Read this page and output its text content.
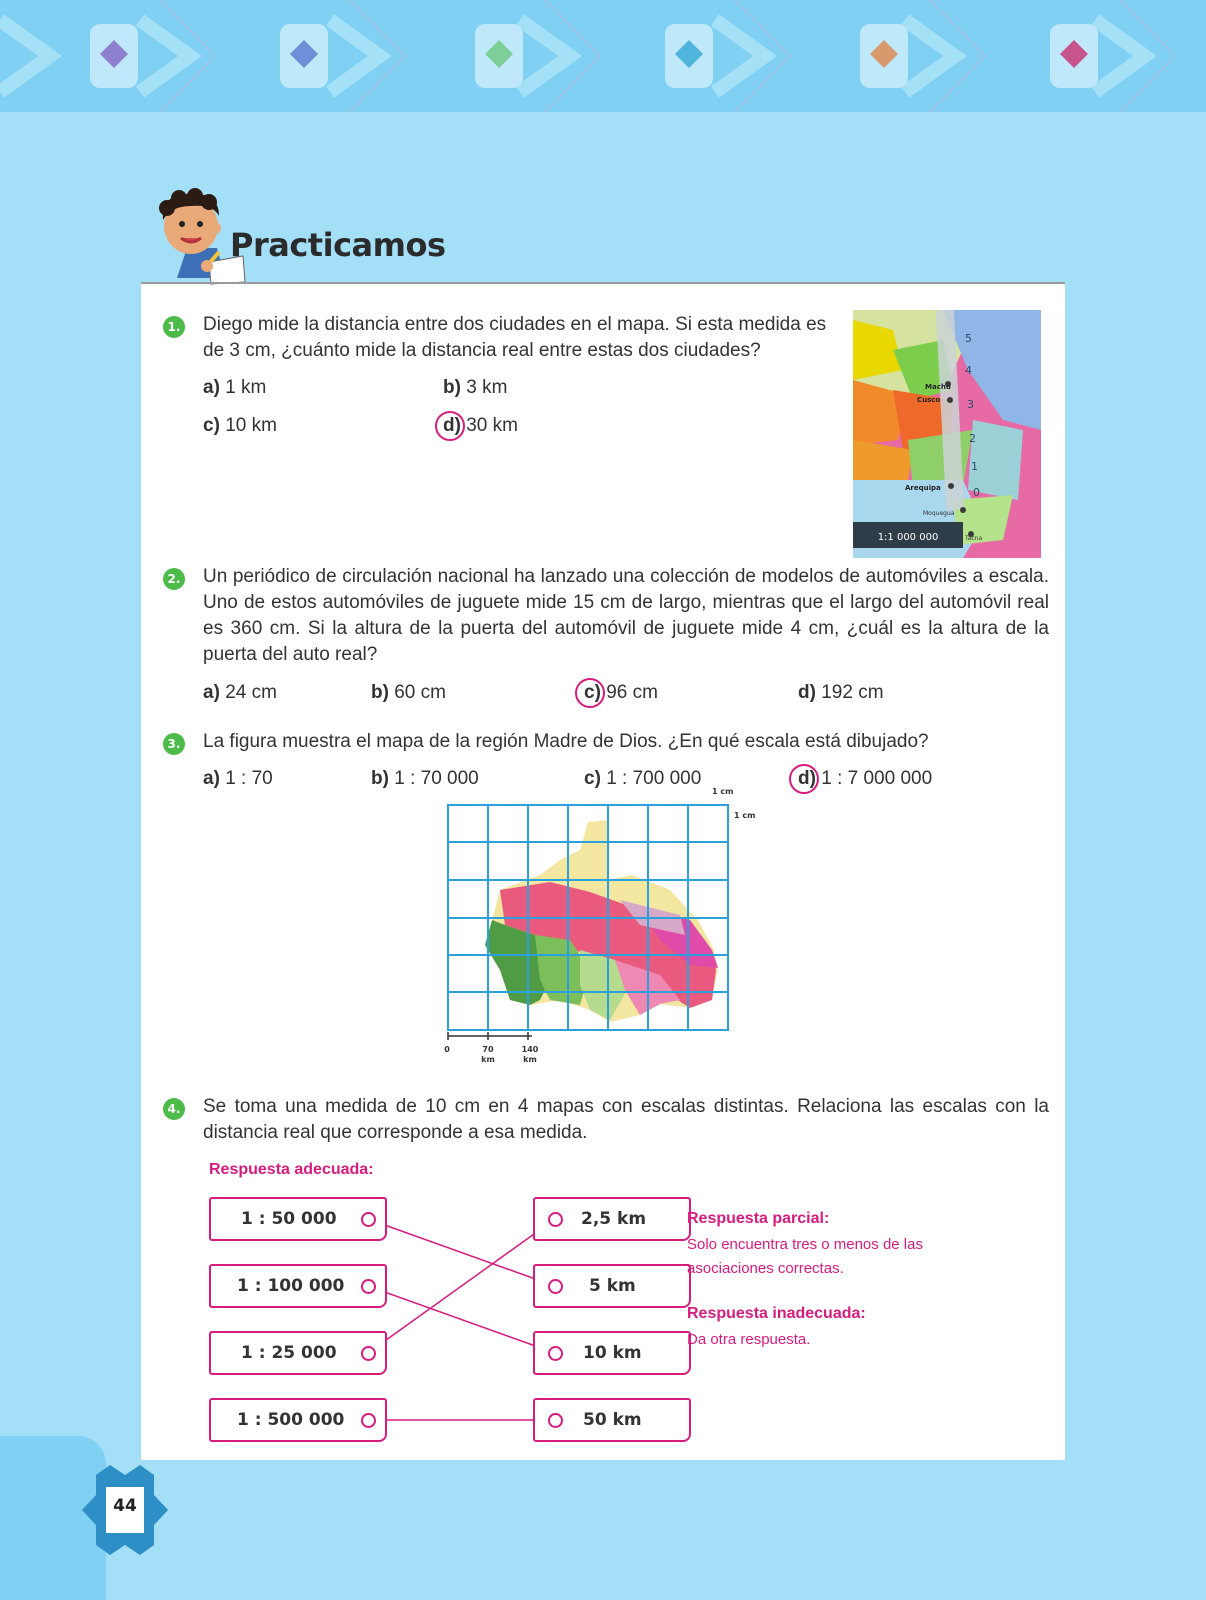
Practicamos
1. Diego mide la distancia entre dos ciudades en el mapa. Si esta medida es de 3 cm, ¿cuánto mide la distancia real entre estas dos ciudades?
a) 1 km	b) 3 km
c) 10 km	d) 30 km
Machu
Cusco
Arequipa
Moquegua
Tacna
5
4
3
2
1
0
1:1 000 000
2. Un periódico de circulación nacional ha lanzado una colección de modelos de automóviles a escala. Uno de estos automóviles de juguete mide 15 cm de largo, mientras que el largo del automóvil real es 360 cm. Si la altura de la puerta del automóvil de juguete mide 4 cm, ¿cuál es la altura de la puerta del auto real?
a) 24 cm	b) 60 cm	c) 96 cm	d) 192 cm
3. La figura muestra el mapa de la región Madre de Dios. ¿En qué escala está dibujado?
a) 1 : 70	b) 1 : 70 000	c) 1 : 700 000	d) 1 : 7 000 000
1 cm
1 cm
0	70
km
140
km
4. Se toma una medida de 10 cm en 4 mapas con escalas distintas. Relaciona las escalas con la distancia real que corresponde a esa medida.
Respuesta adecuada:
1 : 50 000
1 : 100 000
1 : 25 000
1 : 500 000
2,5 km
5 km
10 km
50 km
Respuesta parcial:
Solo encuentra tres o menos de las
asociaciones correctas.
Respuesta inadecuada:
Da otra respuesta.
44
